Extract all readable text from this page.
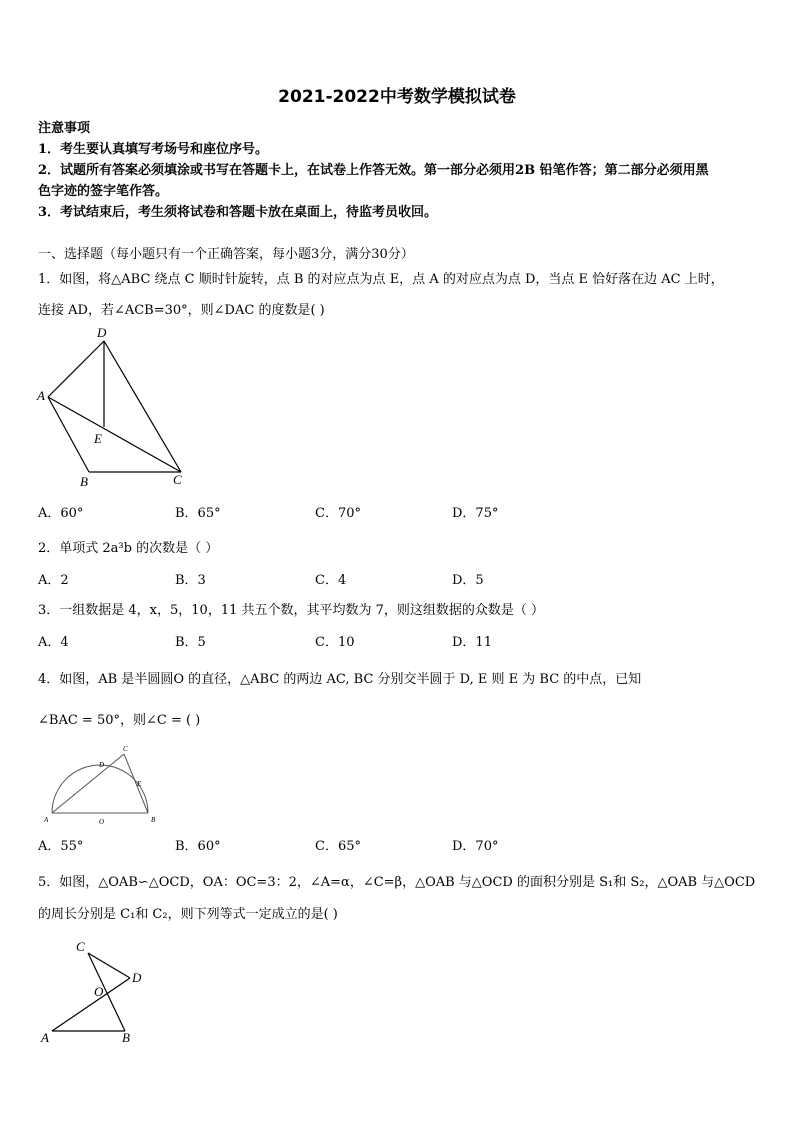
2021-2022中考数学模拟试卷
注意事项
1．考生要认真填写考场号和座位序号。
2．试题所有答案必须填涂或书写在答题卡上，在试卷上作答无效。第一部分必须用2B 铅笔作答；第二部分必须用黑
色字迹的签字笔作答。
3．考试结束后，考生须将试卷和答题卡放在桌面上，待监考员收回。
一、选择题（每小题只有一个正确答案，每小题3分，满分30分）
1．如图，将△ABC 绕点 C 顺时针旋转，点 B 的对应点为点 E，点 A 的对应点为点 D，当点 E 恰好落在边 AC 上时，
连接 AD，若∠ACB=30°，则∠DAC 的度数是( )
D
A
E
B	C
A．60°	B．65°	C．70°	D．75°
2．单项式 2a³b 的次数是（ ）
A．2	B．3	C．4	D．5
3．一组数据是 4，x，5，10，11 共五个数，其平均数为 7，则这组数据的众数是（ ）
A．4	B．5	C．10	D．11
4．如图，AB 是半圆圆O 的直径，△ABC 的两边 AC, BC 分别交半圆于 D, E 则 E 为 BC 的中点，已知
∠BAC = 50°，则∠C = ( )
C
D
E
A	O	B
A．55°	B．60°	C．65°	D．70°
5．如图，△OAB∽△OCD，OA：OC=3：2，∠A=α，∠C=β，△OAB 与△OCD 的面积分别是 S₁和 S₂，△OAB 与△OCD
的周长分别是 C₁和 C₂，则下列等式一定成立的是( )
C
D
O
A	B
